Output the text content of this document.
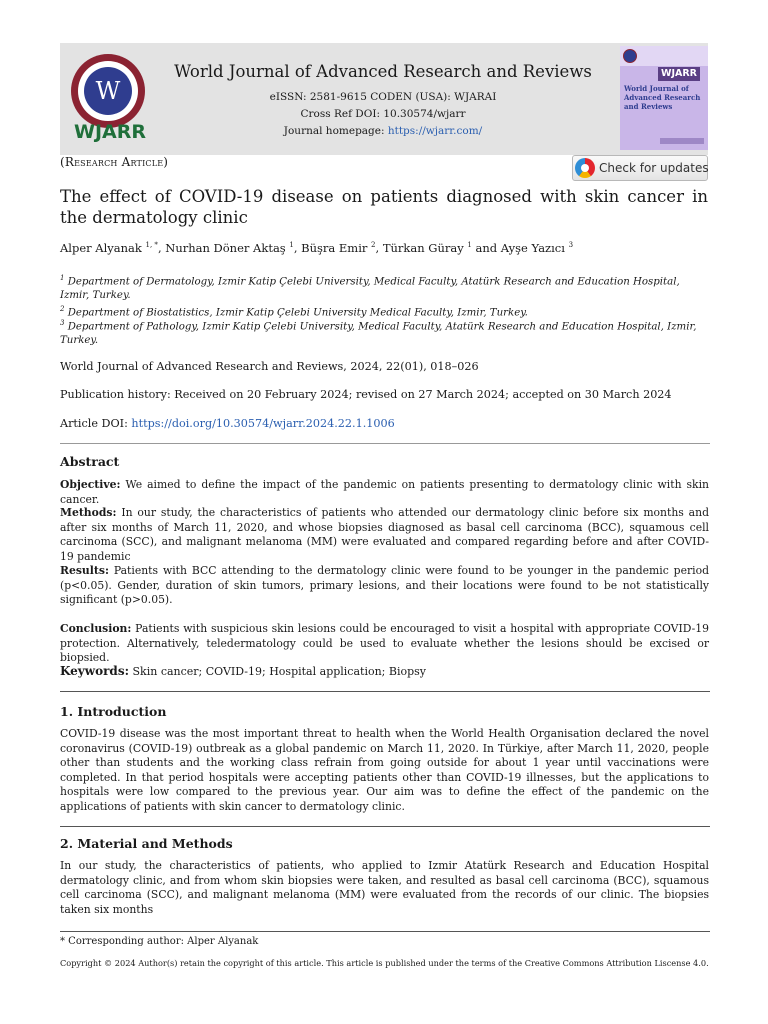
W
WJARR
World Journal of Advanced Research and Reviews
eISSN: 2581-9615 CODEN (USA): WJARAI
Cross Ref DOI: 10.30574/wjarr
Journal homepage: https://wjarr.com/
WJARR
World Journal of Advanced Research and Reviews
(Research Article)	Check for updates
The effect of COVID-19 disease on patients diagnosed with skin cancer in the dermatology clinic
Alper Alyanak $^{1, *}$, Nurhan Döner Aktaş $^1$, Büşra Emir $^2$, Türkan Güray $^1$ and Ayşe Yazıcı $^3$
$^1$ Department of Dermatology, Izmir Katip Çelebi University, Medical Faculty, Atatürk Research and Education Hospital, Izmir, Turkey.
$^2$ Department of Biostatistics, Izmir Katip Çelebi University Medical Faculty, Izmir, Turkey.
$^3$ Department of Pathology, Izmir Katip Çelebi University, Medical Faculty, Atatürk Research and Education Hospital, Izmir, Turkey.
World Journal of Advanced Research and Reviews, 2024, 22(01), 018–026
Publication history: Received on 20 February 2024; revised on 27 March 2024; accepted on 30 March 2024
Article DOI: https://doi.org/10.30574/wjarr.2024.22.1.1006
Abstract
Objective: We aimed to define the impact of the pandemic on patients presenting to dermatology clinic with skin cancer.
Methods: In our study, the characteristics of patients who attended our dermatology clinic before six months and after six months of March 11, 2020, and whose biopsies diagnosed as basal cell carcinoma (BCC), squamous cell carcinoma (SCC), and malignant melanoma (MM) were evaluated and compared regarding before and after COVID-19 pandemic
Results: Patients with BCC attending to the dermatology clinic were found to be younger in the pandemic period (p<0.05). Gender, duration of skin tumors, primary lesions, and their locations were found to be not statistically significant (p>0.05).
Conclusion: Patients with suspicious skin lesions could be encouraged to visit a hospital with appropriate COVID-19 protection. Alternatively, teledermatology could be used to evaluate whether the lesions should be excised or biopsied.
Keywords: Skin cancer; COVID-19; Hospital application; Biopsy
1. Introduction
COVID-19 disease was the most important threat to health when the World Health Organisation declared the novel coronavirus (COVID-19) outbreak as a global pandemic on March 11, 2020. In Türkiye, after March 11, 2020, people other than students and the working class refrain from going outside for about 1 year until vaccinations were completed. In that period hospitals were accepting patients other than COVID-19 illnesses, but the applications to hospitals were low compared to the previous year. Our aim was to define the effect of the pandemic on the applications of patients with skin cancer to dermatology clinic.
2. Material and Methods
In our study, the characteristics of patients, who applied to Izmir Atatürk Research and Education Hospital dermatology clinic, and from whom skin biopsies were taken, and resulted as basal cell carcinoma (BCC), squamous cell carcinoma (SCC), and malignant melanoma (MM) were evaluated from the records of our clinic. The biopsies taken six months
* Corresponding author: Alper Alyanak
Copyright © 2024 Author(s) retain the copyright of this article. This article is published under the terms of the Creative Commons Attribution Liscense 4.0.
